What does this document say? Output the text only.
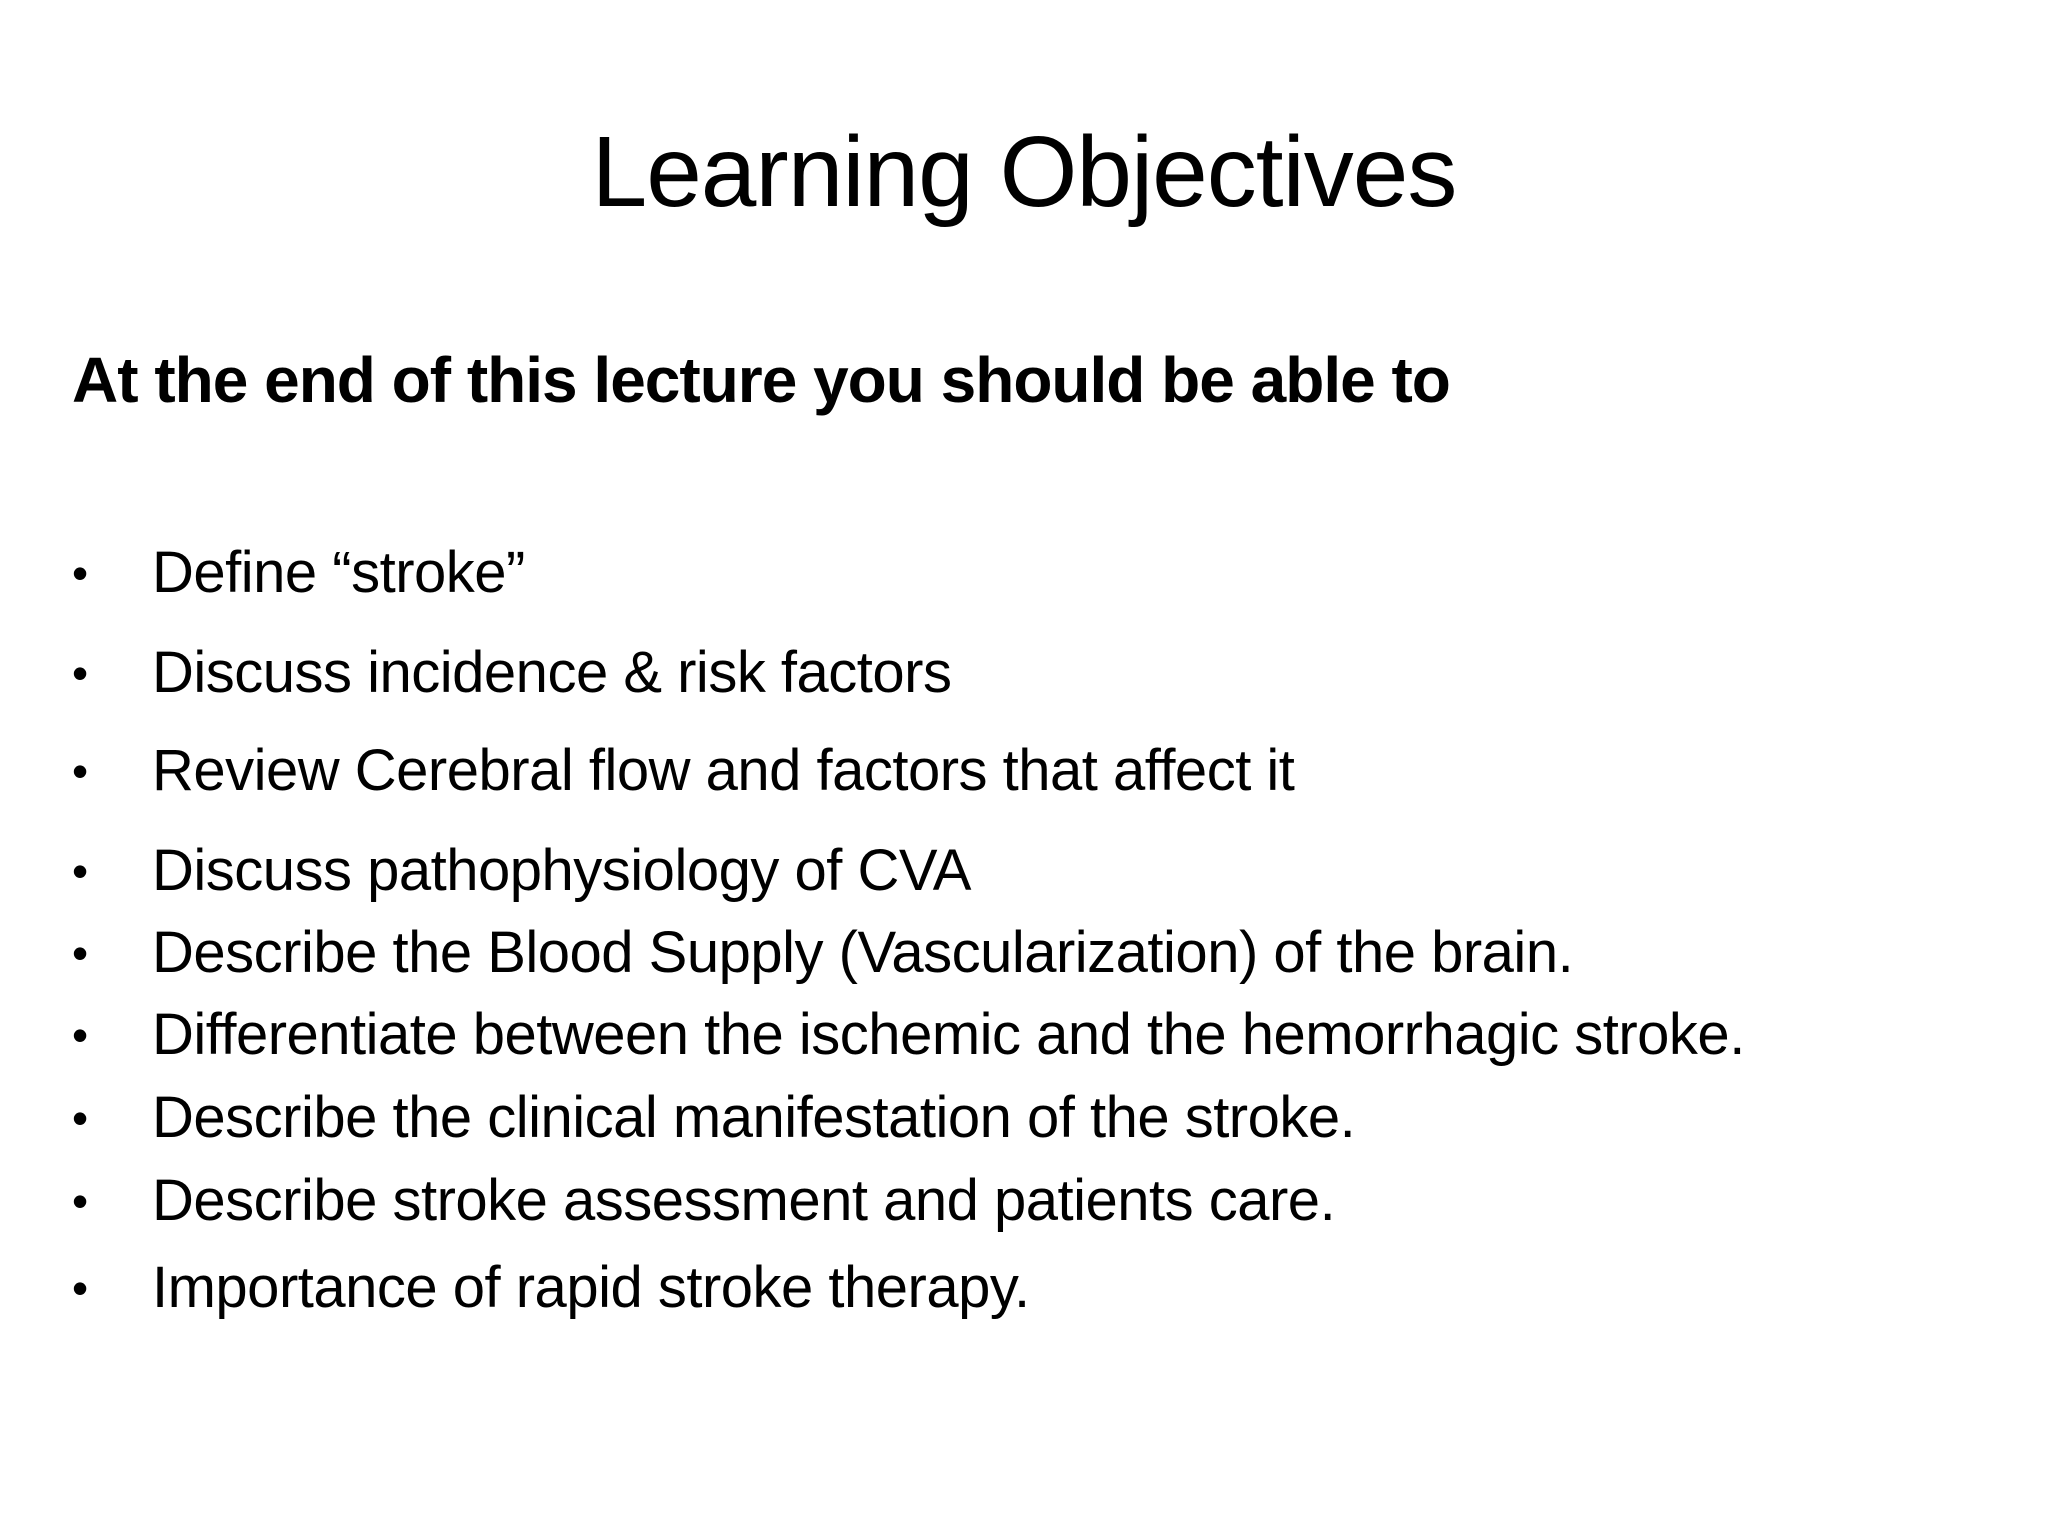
Learning Objectives
At the end of this lecture you should be able to
•	Define “stroke”
•	Discuss incidence & risk factors
•	Review Cerebral flow and factors that affect it
•	Discuss pathophysiology of CVA
•	Describe the Blood Supply (Vascularization) of the brain.
•	Differentiate between the ischemic and the hemorrhagic stroke.
•	Describe the clinical manifestation of the stroke.
•	Describe stroke assessment and patients care.
•	Importance of rapid stroke therapy.
